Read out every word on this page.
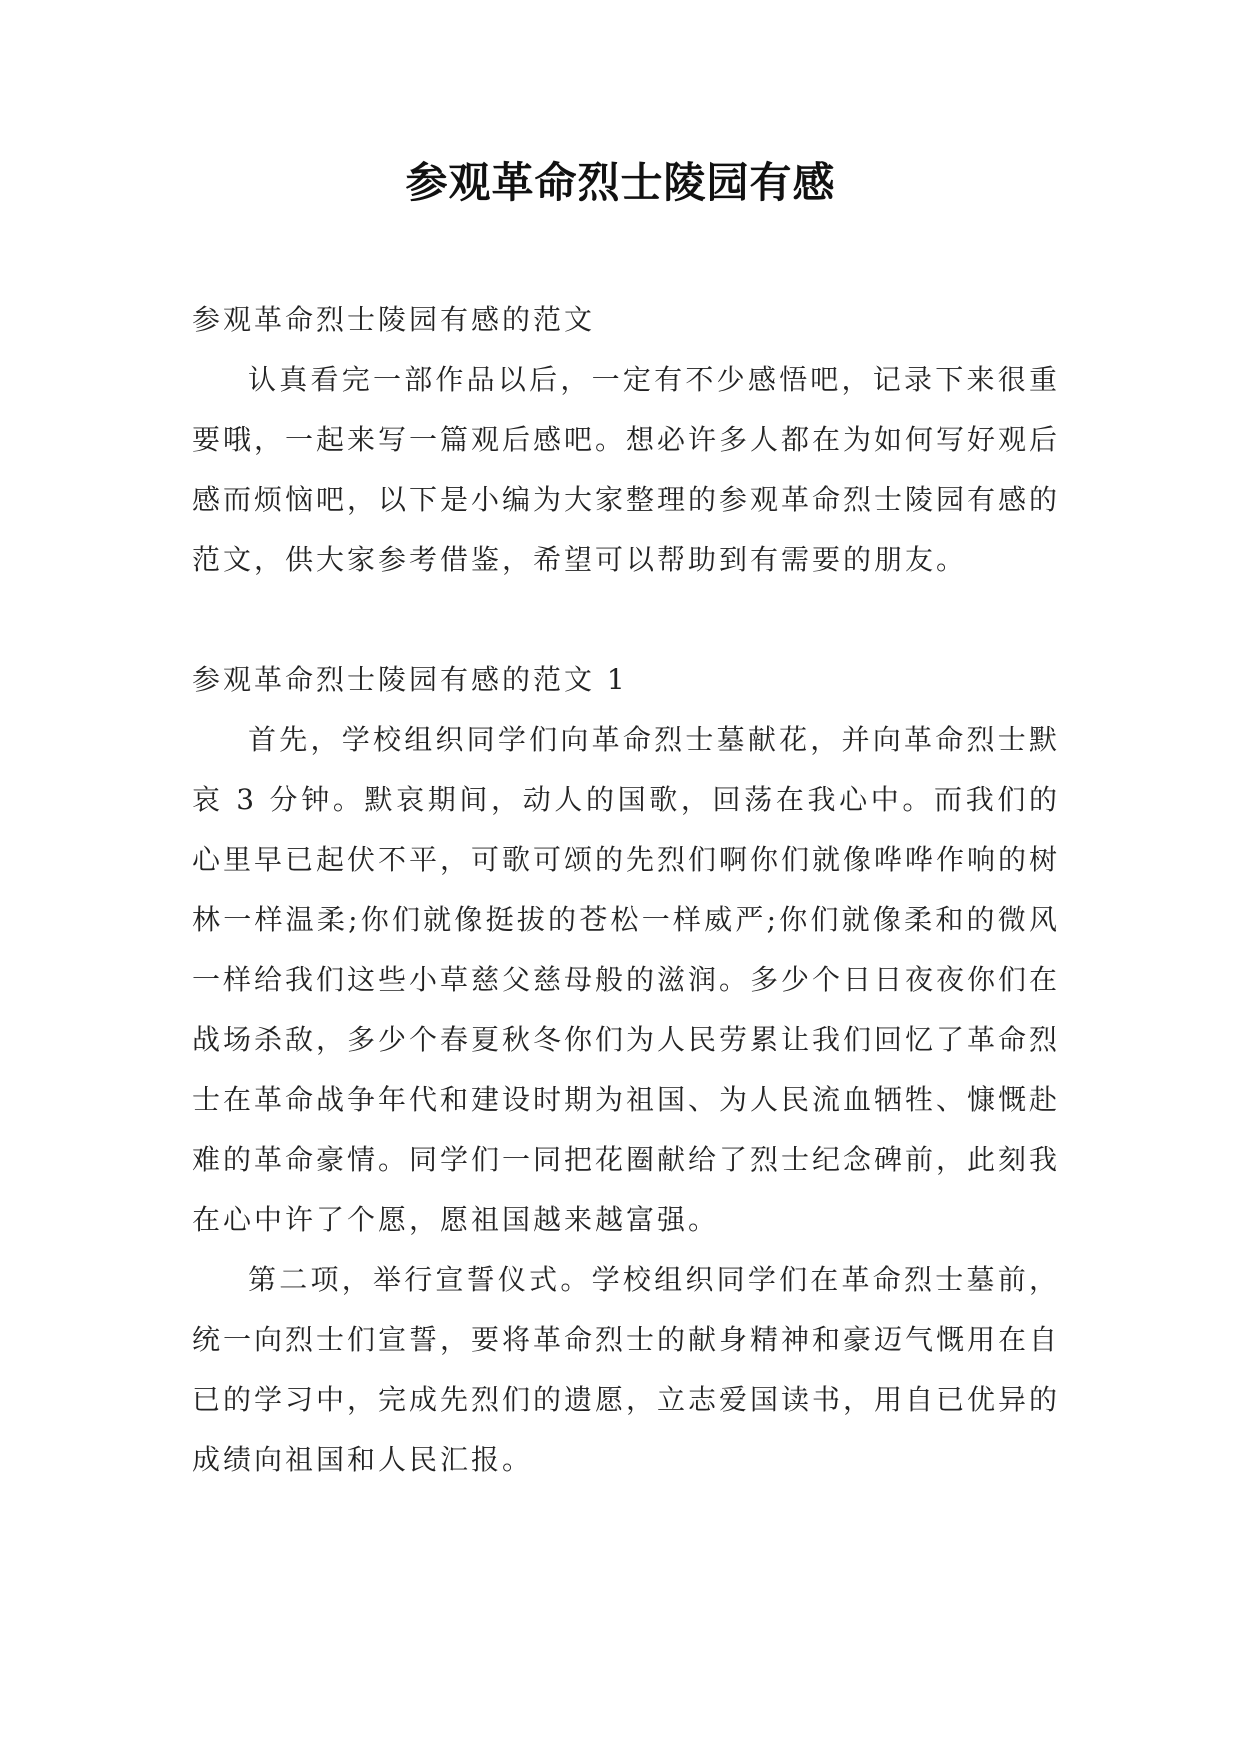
参观革命烈士陵园有感

参观革命烈士陵园有感的范文

认真看完一部作品以后，一定有不少感悟吧，记录下来很重要哦，一起来写一篇观后感吧。想必许多人都在为如何写好观后感而烦恼吧，以下是小编为大家整理的参观革命烈士陵园有感的范文，供大家参考借鉴，希望可以帮助到有需要的朋友。

参观革命烈士陵园有感的范文 1

首先，学校组织同学们向革命烈士墓献花，并向革命烈士默哀 3 分钟。默哀期间，动人的国歌，回荡在我心中。而我们的心里早已起伏不平，可歌可颂的先烈们啊你们就像哗哗作响的树林一样温柔;你们就像挺拔的苍松一样威严;你们就像柔和的微风一样给我们这些小草慈父慈母般的滋润。多少个日日夜夜你们在战场杀敌，多少个春夏秋冬你们为人民劳累让我们回忆了革命烈士在革命战争年代和建设时期为祖国、为人民流血牺牲、慷慨赴难的革命豪情。同学们一同把花圈献给了烈士纪念碑前，此刻我在心中许了个愿，愿祖国越来越富强。

第二项，举行宣誓仪式。学校组织同学们在革命烈士墓前，统一向烈士们宣誓，要将革命烈士的献身精神和豪迈气慨用在自已的学习中，完成先烈们的遗愿，立志爱国读书，用自已优异的成绩向祖国和人民汇报。
